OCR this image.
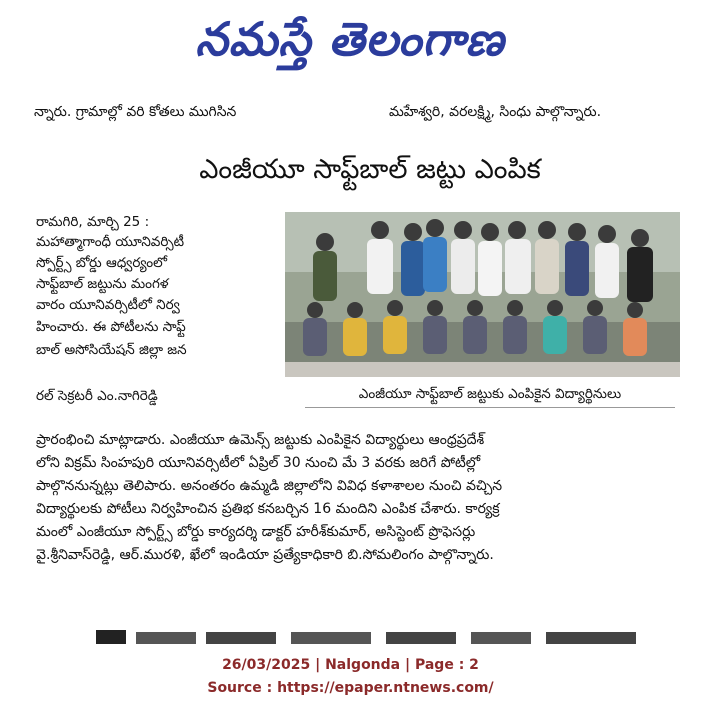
నమస్తే తెలంగాణ
న్నారు. గ్రామాల్లో వరి కోతలు ముగిసిన	మహేశ్వరి, వరలక్ష్మి, సింధు పాల్గొన్నారు.
ఎంజీయూ సాఫ్ట్‌బాల్ జట్టు ఎంపిక
రామగిరి, మార్చి 25 :
మహాత్మాగాంధీ యూనివర్సిటీ
స్పోర్ట్స్ బోర్డు ఆధ్వర్యంలో
సాఫ్ట్‌బాల్ జట్టును మంగళ
వారం యూనివర్సిటీలో నిర్వ
హించారు. ఈ పోటీలను సాఫ్ట్
బాల్ అసోసియేషన్ జిల్లా జన
రల్ సెక్రటరీ ఎం.నాగిరెడ్డి	ఎంజీయూ సాఫ్ట్‌బాల్ జట్టుకు ఎంపికైన విద్యార్థినులు
ప్రారంభించి మాట్లాడారు. ఎంజీయూ ఉమెన్స్ జట్టుకు ఎంపికైన విద్యార్థులు ఆంధ్రప్రదేశ్
లోని విక్రమ్ సింహపురి యూనివర్సిటీలో ఏప్రిల్ 30 నుంచి మే 3 వరకు జరిగే పోటీల్లో
పాల్గొననున్నట్లు తెలిపారు. అనంతరం ఉమ్మడి జిల్లాలోని వివిధ కళాశాలల నుంచి వచ్చిన
విద్యార్థులకు పోటీలు నిర్వహించిన ప్రతిభ కనబర్చిన 16 మందిని ఎంపిక చేశారు. కార్యక్ర
మంలో ఎంజీయూ స్పోర్ట్స్ బోర్డు కార్యదర్శి డాక్టర్ హరీశ్‌కుమార్, అసిస్టెంట్ ప్రొఫెసర్లు
వై.శ్రీనివాస్‌రెడ్డి, ఆర్.మురళి, ఖేలో ఇండియా ప్రత్యేకాధికారి బి.సోమలింగం పాల్గొన్నారు.
26/03/2025 | Nalgonda | Page : 2
Source : https://epaper.ntnews.com/
